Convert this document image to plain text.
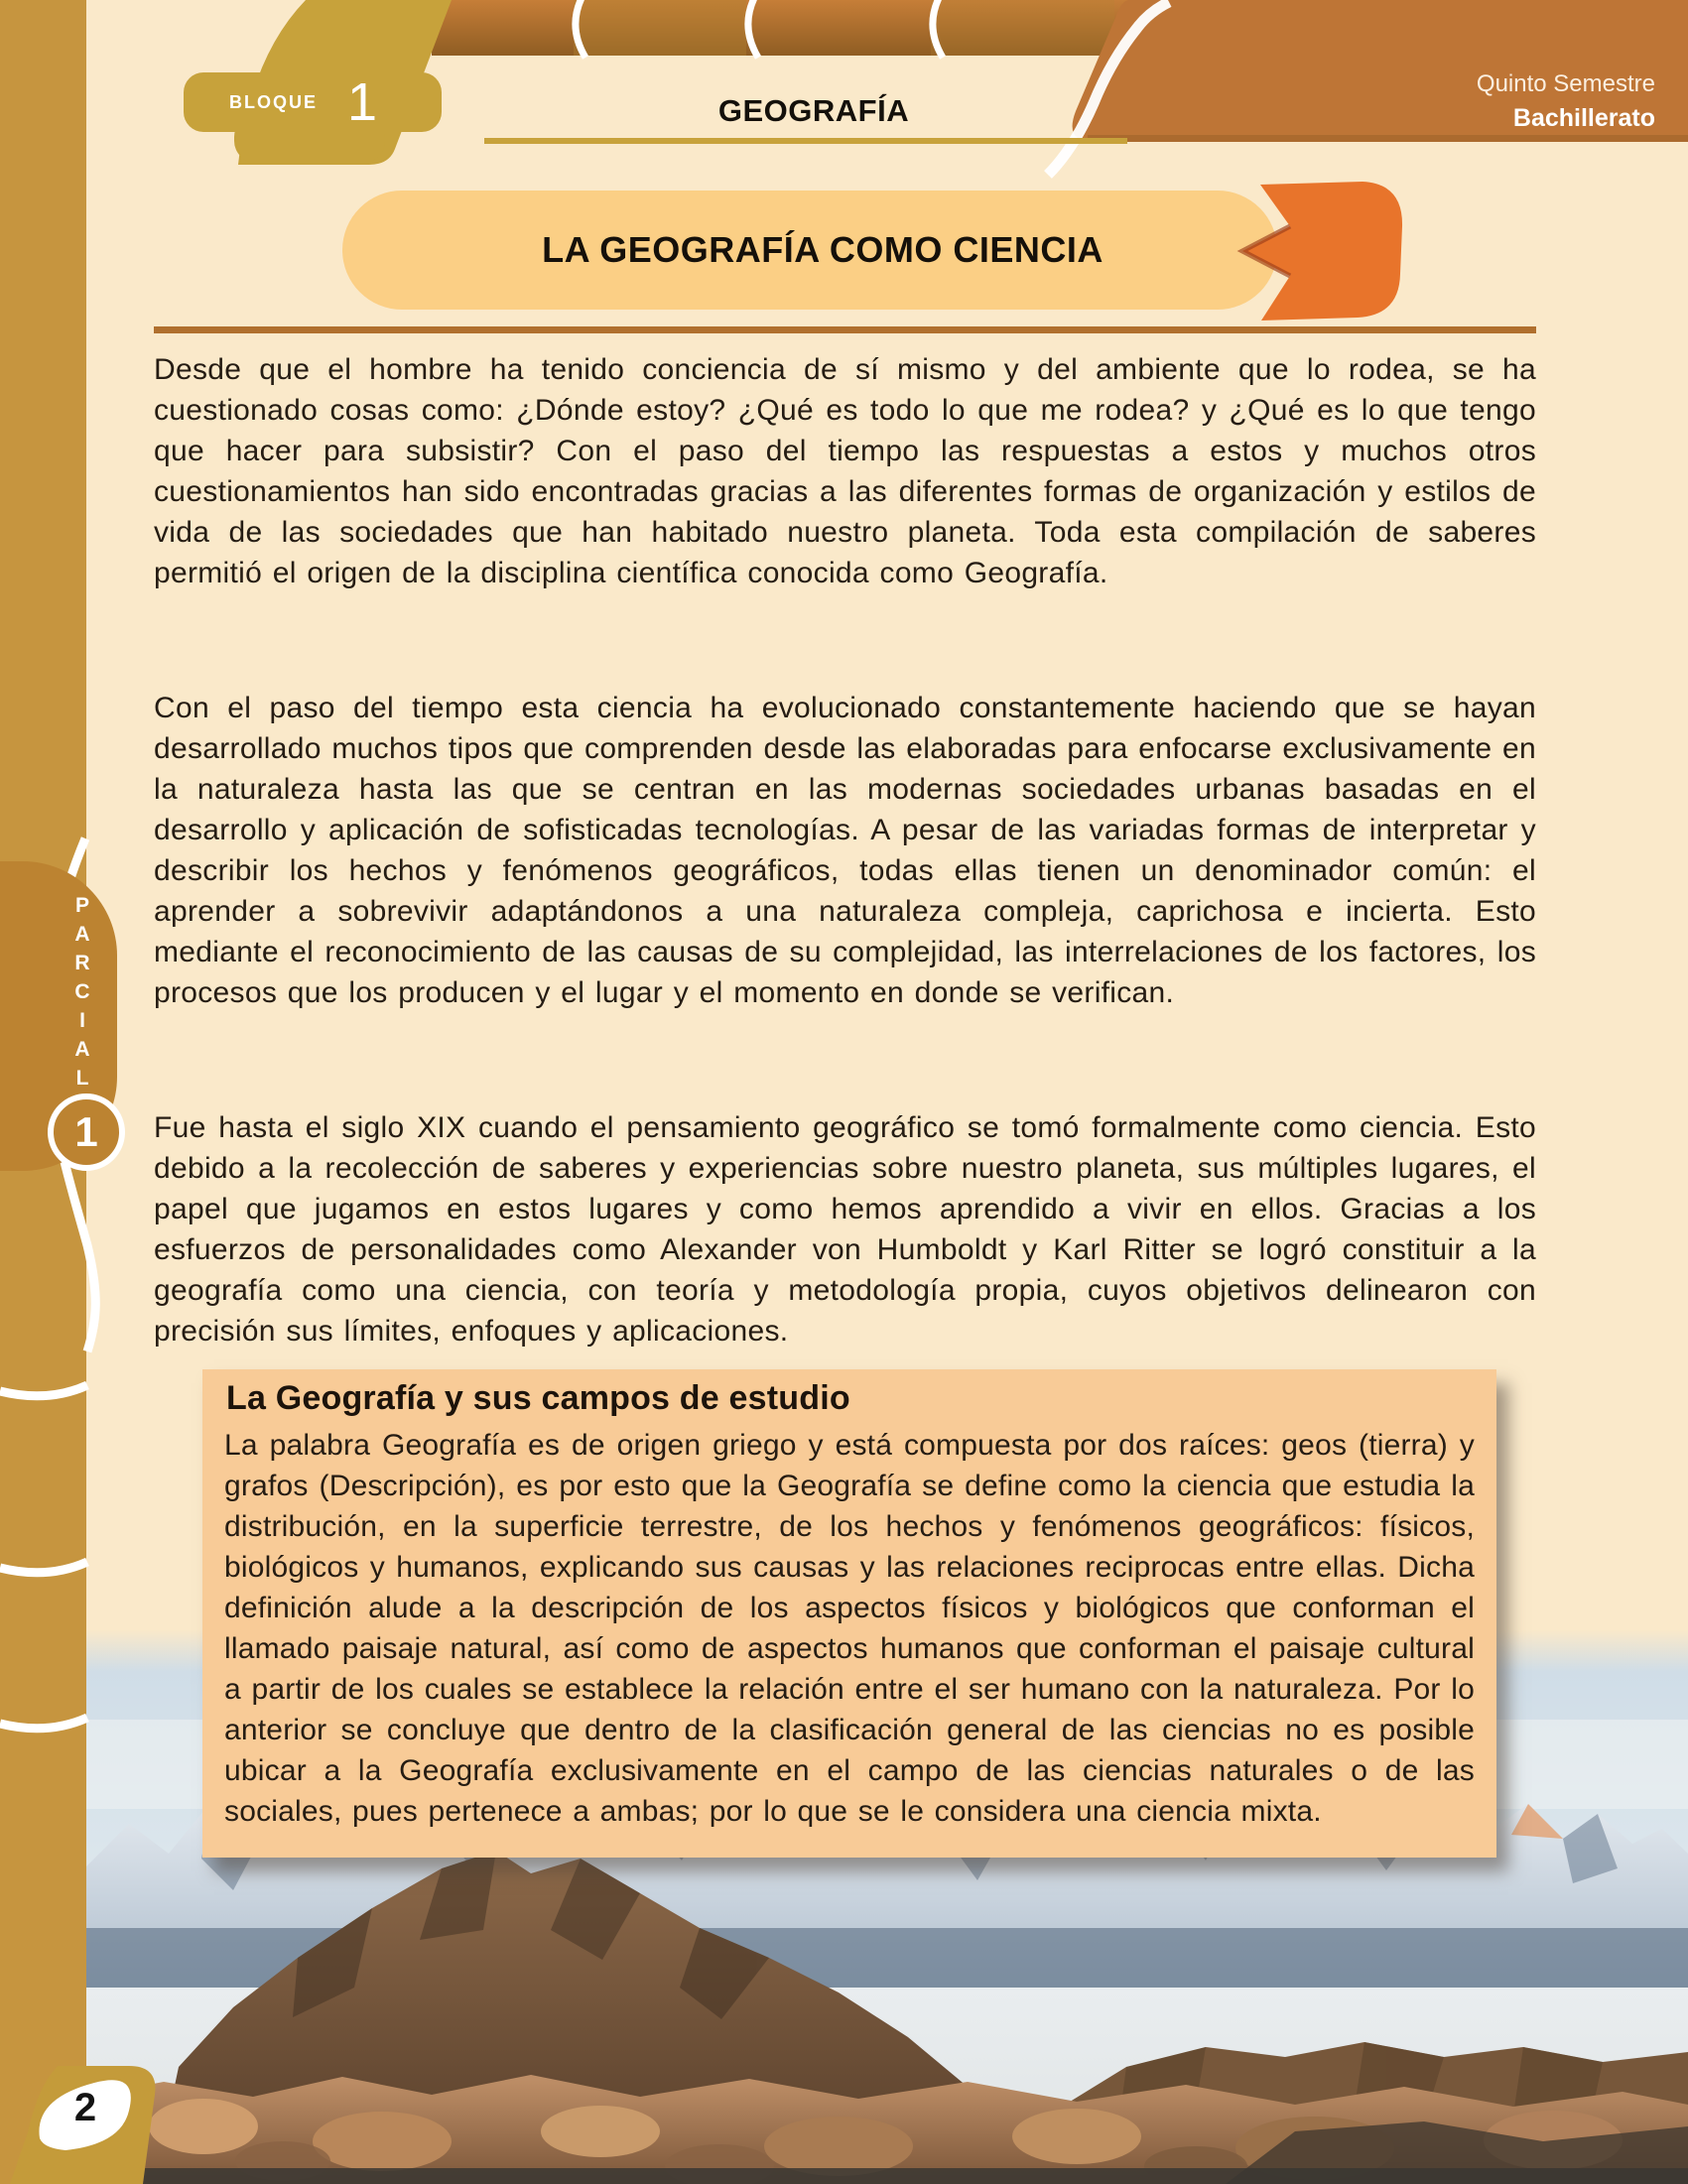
BLOQUE 1	GEOGRAFÍA
Quinto Semestre
Bachillerato
LA GEOGRAFÍA COMO CIENCIA
Desde que el hombre ha tenido conciencia de sí mismo y del ambiente que lo rodea, se ha cuestionado cosas como: ¿Dónde estoy? ¿Qué es todo lo que me rodea? y ¿Qué es lo que tengo que hacer para subsistir? Con el paso del tiempo las respuestas a estos y muchos otros cuestionamientos han sido encontradas gracias a las diferentes formas de organización y estilos de vida de las sociedades que han habitado nuestro planeta. Toda esta compilación de saberes permitió el origen de la disciplina científica conocida como Geografía.
Con el paso del tiempo esta ciencia ha evolucionado constantemente haciendo que se hayan desarrollado muchos tipos que comprenden desde las elaboradas para enfocarse exclusivamente en la naturaleza hasta las que se centran en las modernas sociedades urbanas basadas en el desarrollo y aplicación de sofisticadas tecnologías. A pesar de las variadas formas de interpretar y describir los hechos y fenómenos geográficos, todas ellas tienen un denominador común: el aprender a sobrevivir adaptándonos a una naturaleza compleja, caprichosa e incierta. Esto mediante el reconocimiento de las causas de su complejidad, las interrelaciones de los factores, los procesos que los producen y el lugar y el momento en donde se verifican.
Fue hasta el siglo XIX cuando el pensamiento geográfico se tomó formalmente como ciencia. Esto debido a la recolección de saberes y experiencias sobre nuestro planeta, sus múltiples lugares, el papel que jugamos en estos lugares y como hemos aprendido a vivir en ellos. Gracias a los esfuerzos de personalidades como Alexander von Humboldt y Karl Ritter se logró constituir a la geografía como una ciencia, con teoría y metodología propia, cuyos objetivos delinearon con precisión sus límites, enfoques y aplicaciones.
La Geografía y sus campos de estudio
La palabra Geografía es de origen griego y está compuesta por dos raíces: geos (tierra) y grafos (Descripción), es por esto que la Geografía se define como la ciencia que estudia la distribución, en la superficie terrestre, de los hechos y fenómenos geográficos: físicos, biológicos y humanos, explicando sus causas y las relaciones reciprocas entre ellas. Dicha definición alude a la descripción de los aspectos físicos y biológicos que conforman el llamado paisaje natural, así como de aspectos humanos que conforman el paisaje cultural a partir de los cuales se establece la relación entre el ser humano con la naturaleza. Por lo anterior se concluye que dentro de la clasificación general de las ciencias no es posible ubicar a la Geografía exclusivamente en el campo de las ciencias naturales o de las sociales, pues pertenece a ambas; por lo que se le considera una ciencia mixta.
P
A
R
C
I
A
L
1
2
